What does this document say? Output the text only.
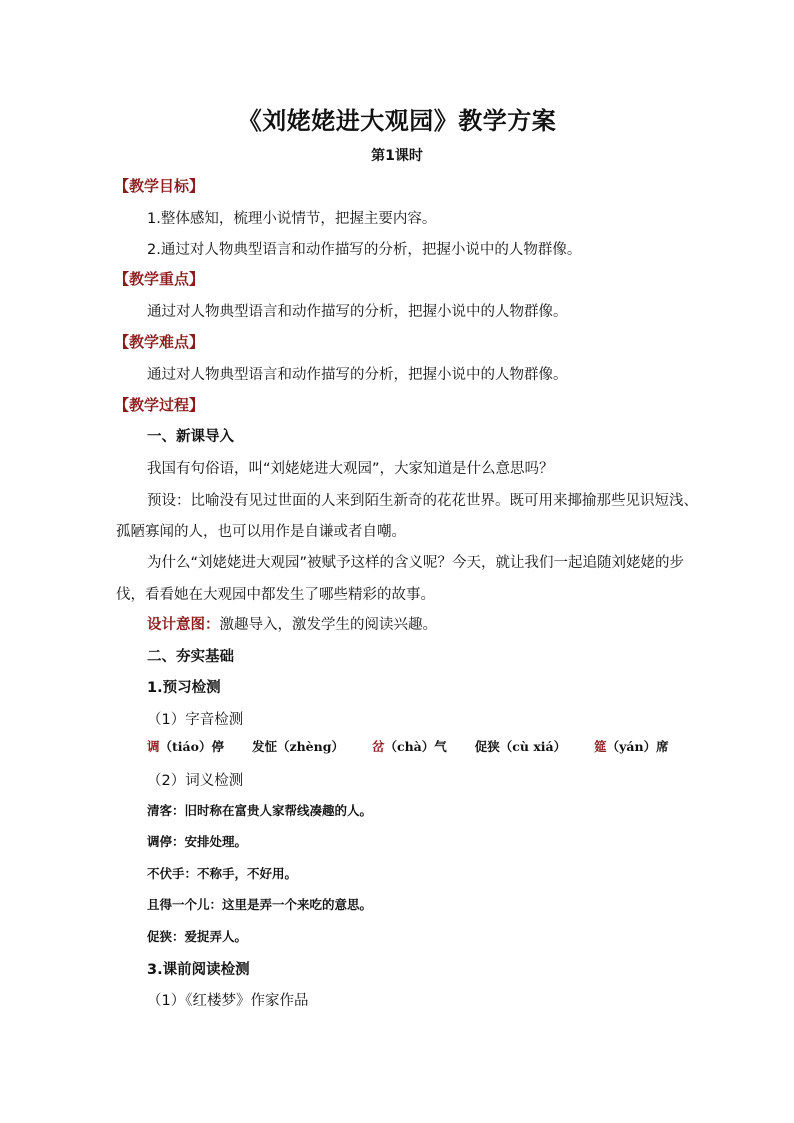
《刘姥姥进大观园》教学方案
第1课时
【教学目标】
1.整体感知，梳理小说情节，把握主要内容。
2.通过对人物典型语言和动作描写的分析，把握小说中的人物群像。
【教学重点】
通过对人物典型语言和动作描写的分析，把握小说中的人物群像。
【教学难点】
通过对人物典型语言和动作描写的分析，把握小说中的人物群像。
【教学过程】
一、新课导入
我国有句俗语，叫“刘姥姥进大观园”，大家知道是什么意思吗？
预设：比喻没有见过世面的人来到陌生新奇的花花世界。既可用来揶揄那些见识短浅、
孤陋寡闻的人，也可以用作是自谦或者自嘲。
为什么“刘姥姥进大观园”被赋予这样的含义呢？今天，就让我们一起追随刘姥姥的步
伐，看看她在大观园中都发生了哪些精彩的故事。
设计意图：激趣导入，激发学生的阅读兴趣。
二、夯实基础
1.预习检测
（1）字音检测
调（tiáo）停 发怔（zhèng） 岔（chà）气 促狭（cù xiá） 筵（yán）席
（2）词义检测
清客：旧时称在富贵人家帮线凑趣的人。
调停：安排处理。
不伏手：不称手，不好用。
且得一个儿：这里是弄一个来吃的意思。
促狭：爱捉弄人。
3.课前阅读检测
（1）《红楼梦》作家作品
